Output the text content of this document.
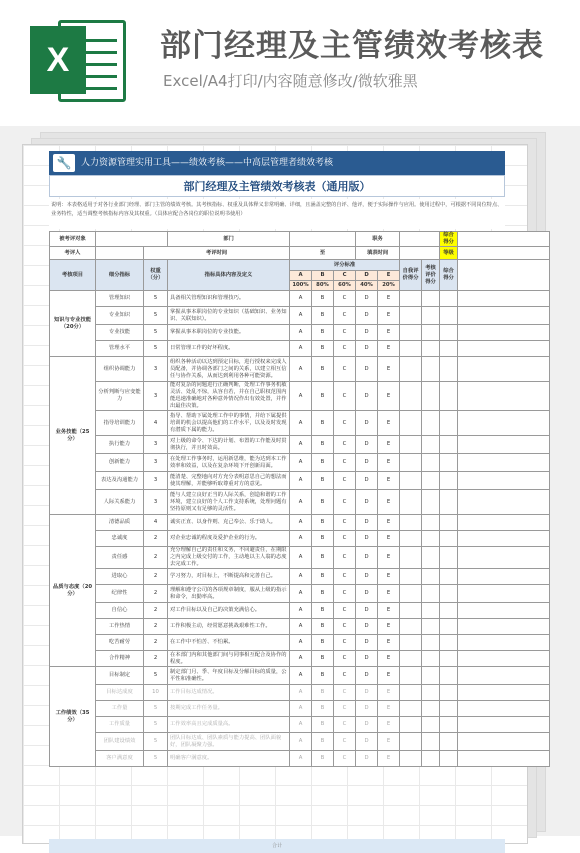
X	部门经理及主管绩效考核表
Excel/A4打印/内容随意修改/微软雅黑
🔧 人力资源管理实用工具——绩效考核——中高层管理者绩效考核
部门经理及主管绩效考核表（通用版）
说明：本表格适用于对各行业部门经理、部门主管的绩效考核。其考核指标、权重及具体释义非常明确、详细，且涵盖完整的自评、他评，便于实际操作与应用。使用过程中，可根据不同岗位特点、业务特性，适当调整考核指标内容及其权重。（具体应配合各岗位的职位说明书使用）
被考评对象			部门				职务				综合得分	
考评人		考评时间		至			填表时间				等级	
考核项目	细分指标	权重（分）	指标具体内容及定义	评分标准					自我评价得分	考核评价得分	综合得分	
				A	B	C	D	E				
				100%	80%	60%	40%	20%				
知识与专业技能（20分）	管理知识	5	具备相关管理知识和管理技巧。	A	B	C	D	E				
	专业知识	5	掌握从事本职岗位的专业知识（基础知识、业务知识、关联知识）。	A	B	C	D	E				
	专业技能	5	掌握从事本职岗位的专业技能。	A	B	C	D	E				
	管理水平	5	日常管理工作的好坏程度。	A	B	C	D	E				
业务技能（25分）	组织协调能力	3	组织各种活动以达到预定目标，进行授权来完成人员配备，并协调各部门之间的关系，以建立相互信任与协作关系，从而达到利用各种可能资源。	A	B	C	D	E				
	分析判断与应变能力	3	能对复杂的问题进行正确判断，处理工作事务机敏灵活、处乱不惊，从容自若，并在自己职权范围内能迅速准确地对各种意外情况作出有效处置，并作出最佳决策。	A	B	C	D	E				
	指导培训能力	4	指导、帮助下属处理工作中的事情，并给下属提供培训的机会以提高他们的工作水平，以及及时发现有潜质下属的能力。	A	B	C	D	E				
	执行能力	3	对上级的命令、下达的计划、布置的工作能及时贯彻执行，并且时效高。	A	B	C	D	E				
	创新能力	3	在处理工作事务时，运用新思维，能为达到本工作效率和效益，以及在复杂环境下开创新局面。	A	B	C	D	E				
	表达及沟通能力	3	能清楚、完整地向对方充分表明意思自己的想法而使其理解，并能够听取尊重对方的意见。	A	B	C	D	E				
	人际关系能力	3	能与人建立良好正当的人际关系，创造和谐的工作环境，建立良好的个人工作支持系统，处理问题有坚持原则又有足够的灵活性。	A	B	C	D	E				
品质与态度（20分）	清德品质	4	诚实正直、以身作则、克己奉公、乐于助人。	A	B	C	D	E				
	忠诚度	2	对企业忠诚的程度及爱护企业的行为。	A	B	C	D	E				
	责任感	2	充分理解自己的责任和义务，不回避责任，在期限之内完成上级交付的工作，主动地以主人翁的态度去完成工作。	A	B	C	D	E				
	进取心	2	学习努力，对目标上，不断提高和完善自己。	A	B	C	D	E				
	纪律性	2	理解和遵守公司的各项规章制度，服从上级的指示和命令，出勤率高。	A	B	C	D	E				
	自信心	2	对工作目标以及自己的决策充满信心。	A	B	C	D	E				
	工作热情	2	工作积极主动，经常愿意挑战艰难性工作。	A	B	C	D	E				
	吃苦耐劳	2	在工作中不怕苦、不怕累。	A	B	C	D	E				
	合作精神	2	在本部门内和其他部门间与同事相互配合及协作的程度。	A	B	C	D	E				
工作绩效（35分）	目标制定	5	制定部门月、季、年度目标及分解目标的质量，公平性和准确性。	A	B	C	D	E				
	目标达成度	10	工作目标达成情况。	A	B	C	D	E				
	工作量	5	按期完成工作任务量。	A	B	C	D	E				
	工作质量	5	工作效率高且完成质量高。	A	B	C	D	E				
	团队建设绩效	5	团队目标达成、团队素质与能力提高、团队面貌好，团队凝聚力强。	A	B	C	D	E				
	客户满意度	5	明确客户满意度。	A	B	C	D	E				
合计
